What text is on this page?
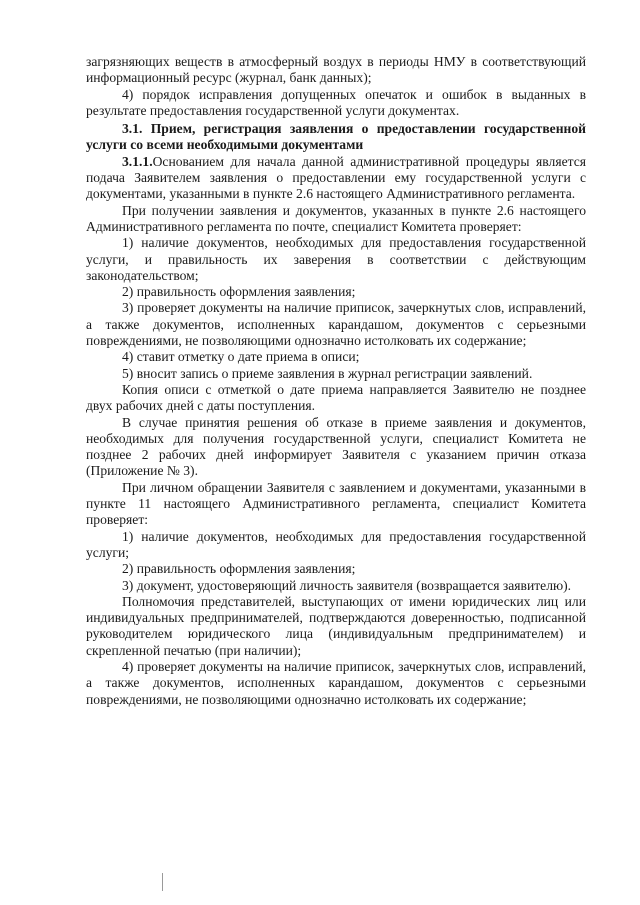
загрязняющих веществ в атмосферный воздух в периоды НМУ в соответствующий информационный ресурс (журнал, банк данных);

4) порядок исправления допущенных опечаток и ошибок в выданных в результате предоставления государственной услуги документах.

3.1. Прием, регистрация заявления о предоставлении государственной услуги со всеми необходимыми документами

3.1.1.Основанием для начала данной административной процедуры является подача Заявителем заявления о предоставлении ему государственной услуги с документами, указанными в пункте 2.6 настоящего Административного регламента.

При получении заявления и документов, указанных в пункте 2.6 настоящего Административного регламента по почте, специалист Комитета проверяет:

1) наличие документов, необходимых для предоставления государственной услуги, и правильность их заверения в соответствии с действующим законодательством;

2) правильность оформления заявления;

3) проверяет документы на наличие приписок, зачеркнутых слов, исправлений, а также документов, исполненных карандашом, документов с серьезными повреждениями, не позволяющими однозначно истолковать их содержание;

4) ставит отметку о дате приема в описи;

5) вносит запись о приеме заявления в журнал регистрации заявлений.

Копия описи с отметкой о дате приема направляется Заявителю не позднее двух рабочих дней с даты поступления.

В случае принятия решения об отказе в приеме заявления и документов, необходимых для получения государственной услуги, специалист Комитета не позднее 2 рабочих дней информирует Заявителя с указанием причин отказа (Приложение № 3).

При личном обращении Заявителя с заявлением и документами, указанными в пункте 11 настоящего Административного регламента, специалист Комитета проверяет:

1) наличие документов, необходимых для предоставления государственной услуги;

2) правильность оформления заявления;

3) документ, удостоверяющий личность заявителя (возвращается заявителю).

Полномочия представителей, выступающих от имени юридических лиц или индивидуальных предпринимателей, подтверждаются доверенностью, подписанной руководителем юридического лица (индивидуальным предпринимателем) и скрепленной печатью (при наличии);

4) проверяет документы на наличие приписок, зачеркнутых слов, исправлений, а также документов, исполненных карандашом, документов с серьезными повреждениями, не позволяющими однозначно истолковать их содержание;
